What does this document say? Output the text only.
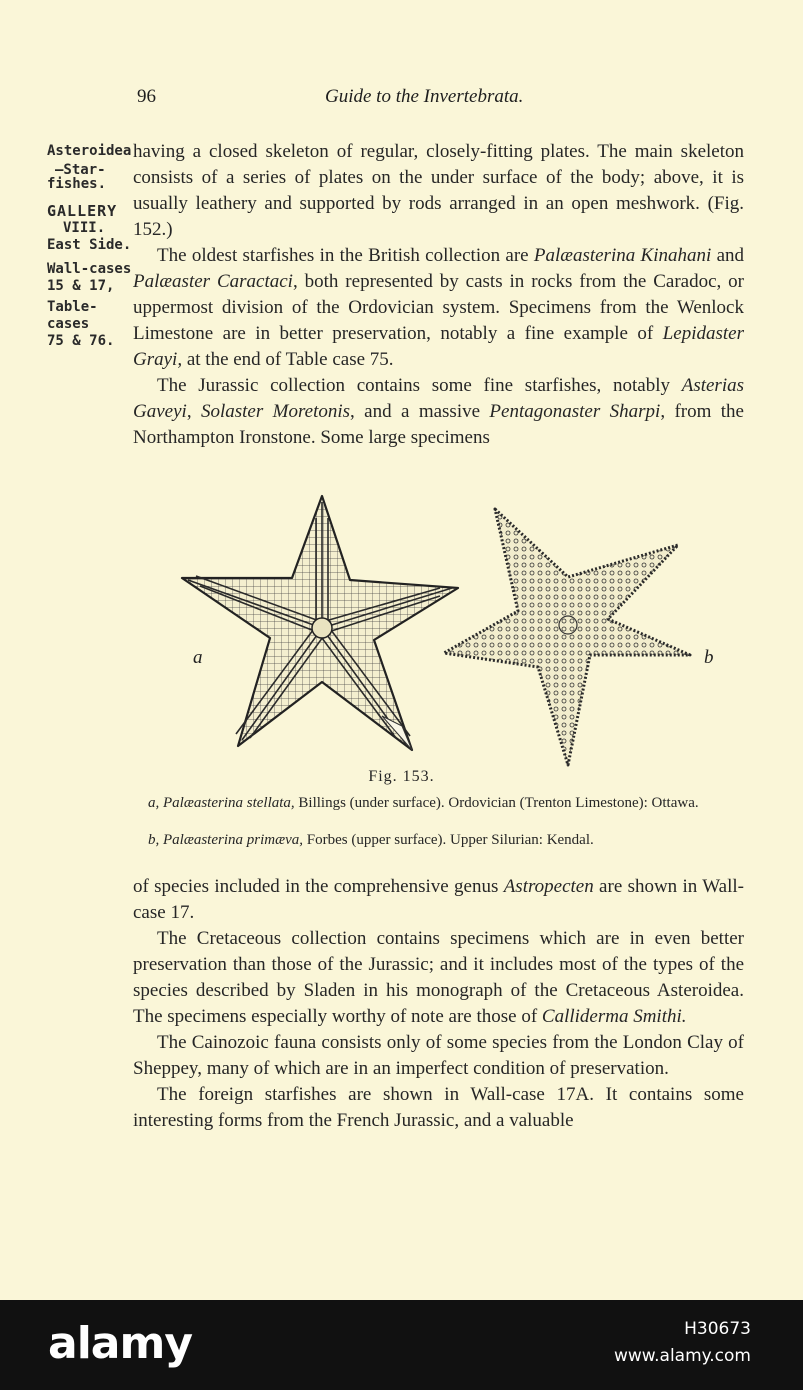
96	Guide to the Invertebrata.
Asteroidea
—Star-
fishes.
GALLERY
VIII.
East Side.
Wall-cases
15 & 17,
Table-
cases
75 & 76.

having a closed skeleton of regular, closely-fitting plates. The main skeleton consists of a series of plates on the under surface of the body; above, it is usually leathery and supported by rods arranged in an open meshwork. (Fig. 152.)

The oldest starfishes in the British collection are Palæasterina Kinahani and Palæaster Caractaci, both represented by casts in rocks from the Caradoc, or uppermost division of the Ordovician system. Specimens from the Wenlock Limestone are in better preservation, notably a fine example of Lepidaster Grayi, at the end of Table case 75.

The Jurassic collection contains some fine starfishes, notably Asterias Gaveyi, Solaster Moretonis, and a massive Pentagonaster Sharpi, from the Northampton Ironstone. Some large specimens

a	b
Fig. 153.
a, Palæasterina stellata, Billings (under surface). Ordovician (Trenton Limestone): Ottawa.
b, Palæasterina primæva, Forbes (upper surface). Upper Silurian: Kendal.

of species included in the comprehensive genus Astropecten are shown in Wall-case 17.

The Cretaceous collection contains specimens which are in even better preservation than those of the Jurassic; and it includes most of the types of the species described by Sladen in his monograph of the Cretaceous Asteroidea. The specimens especially worthy of note are those of Calliderma Smithi.

The Cainozoic fauna consists only of some species from the London Clay of Sheppey, many of which are in an imperfect condition of preservation.

The foreign starfishes are shown in Wall-case 17A. It contains some interesting forms from the French Jurassic, and a valuable

alamy	H30673
www.alamy.com
